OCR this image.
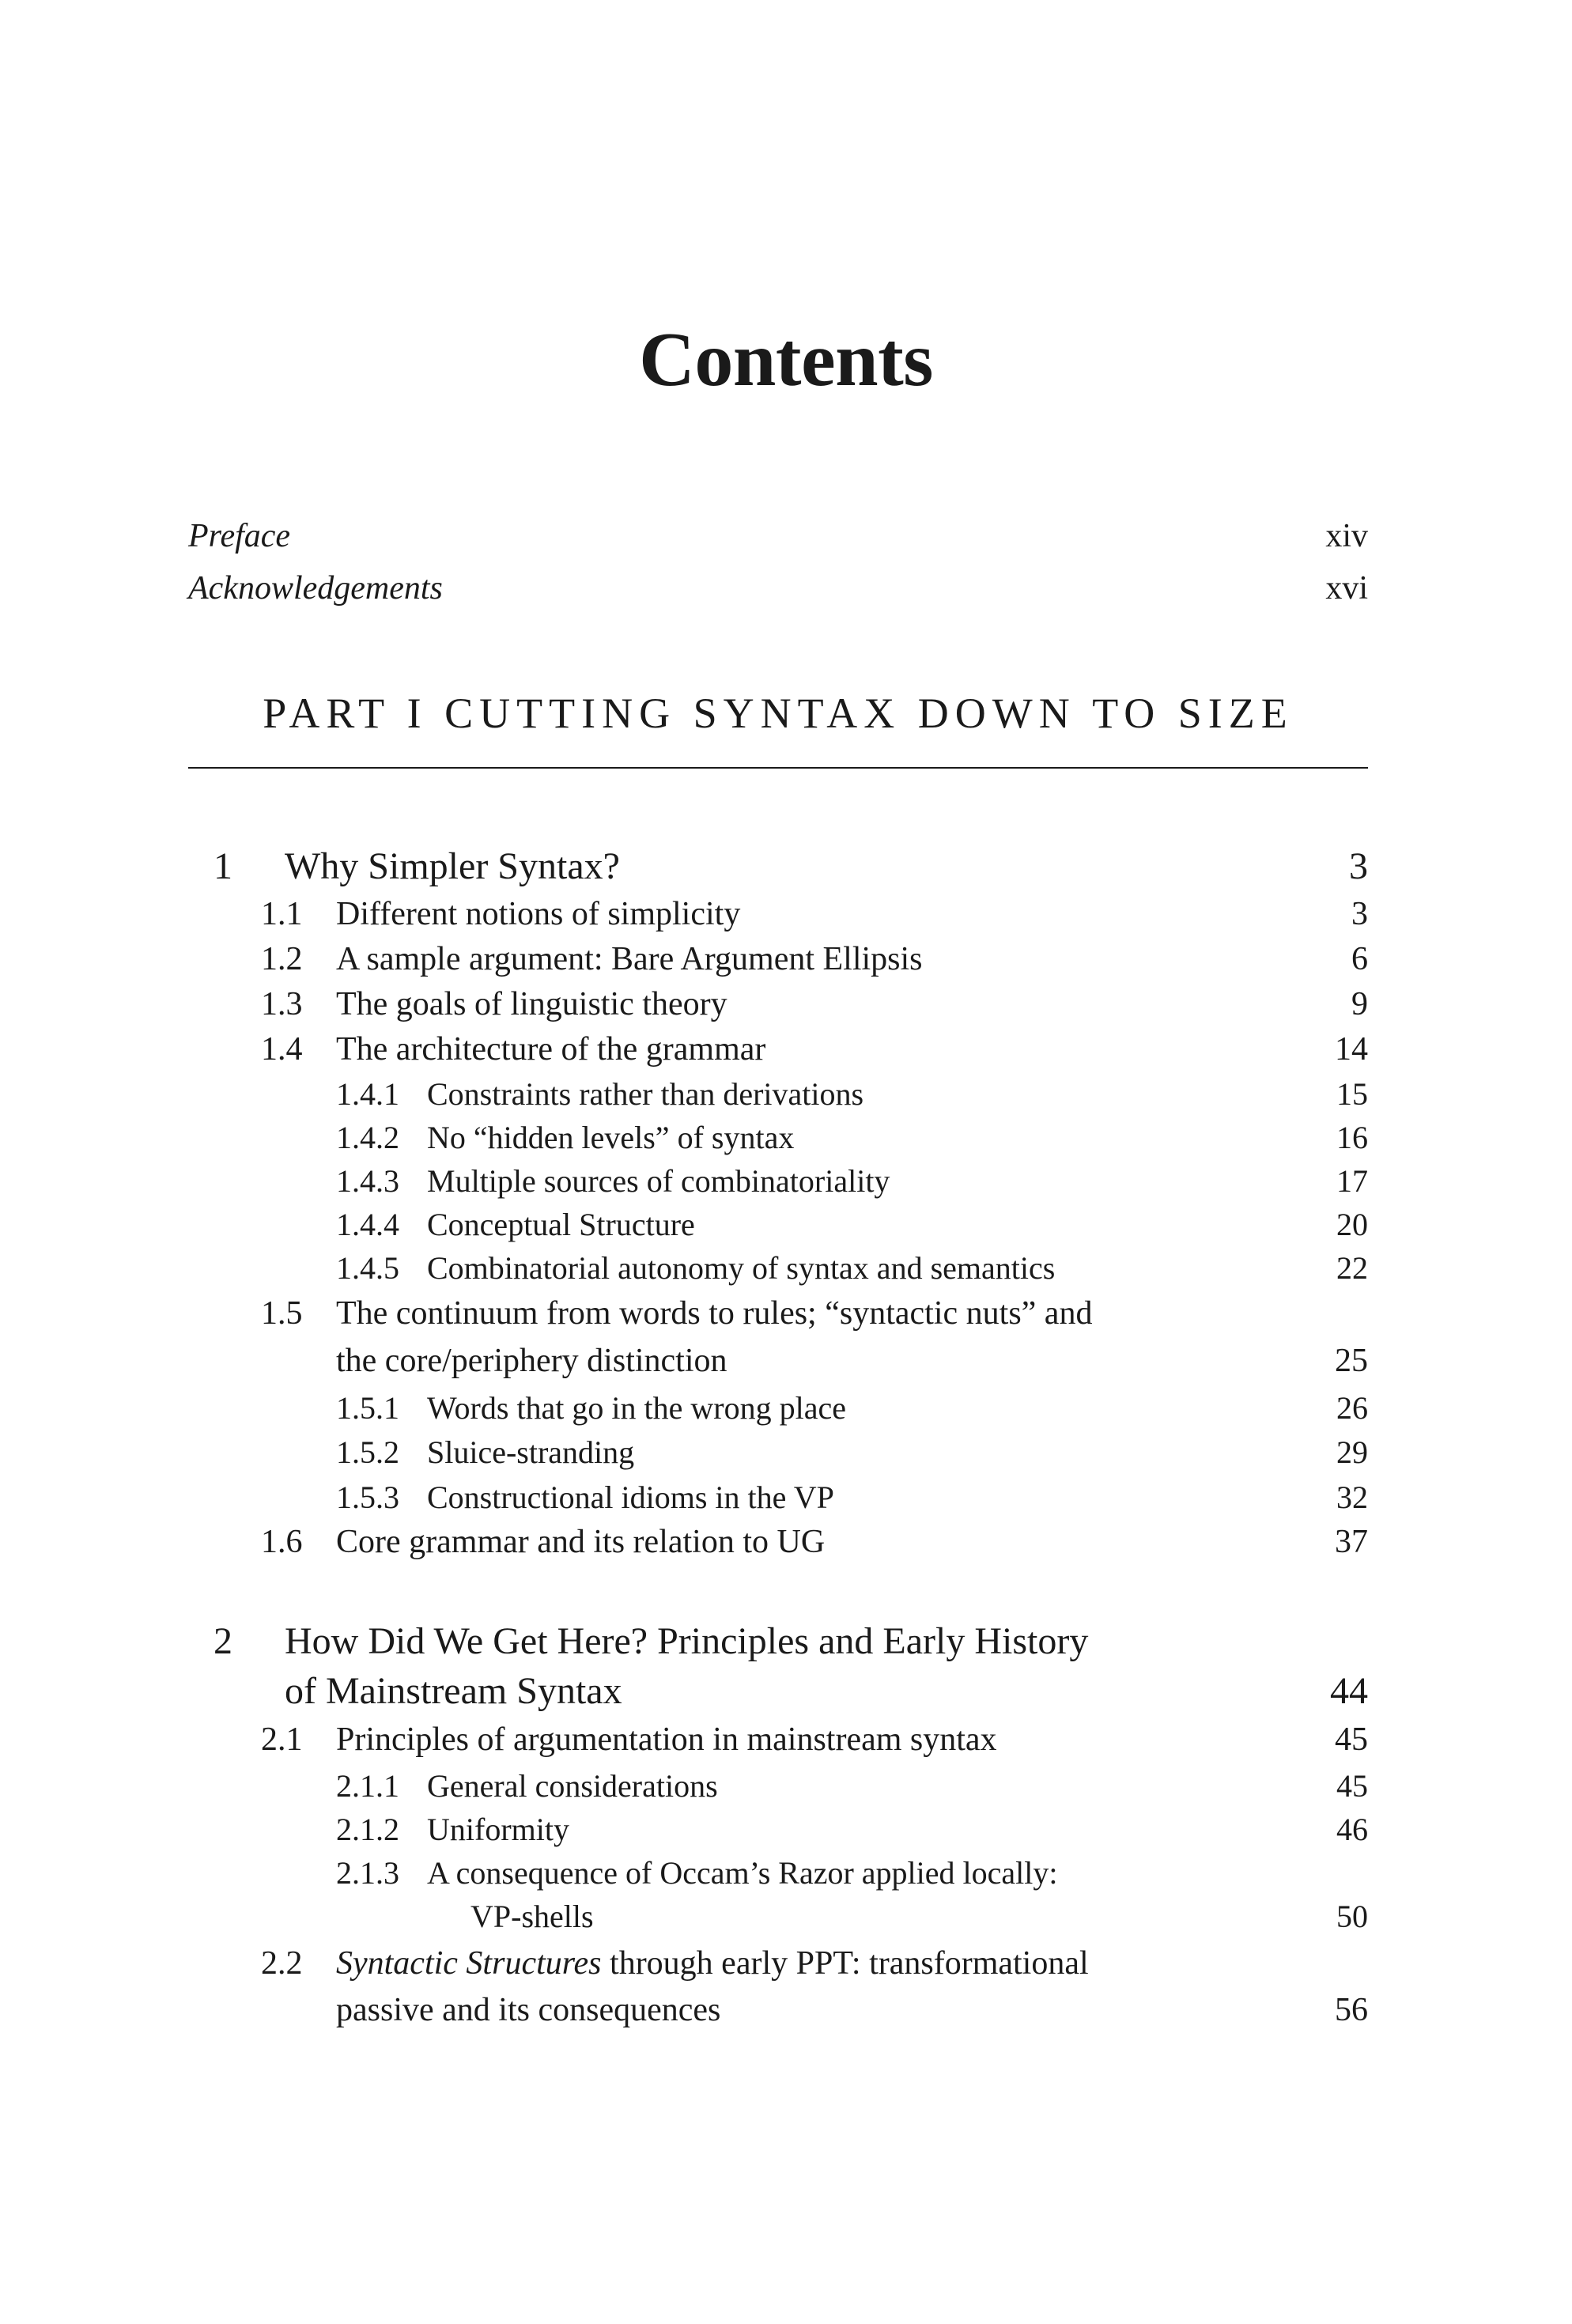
Contents
Preface	xiv
Acknowledgements	xvi
PART I CUTTING SYNTAX DOWN TO SIZE
1	Why Simpler Syntax?	3
1.1	Different notions of simplicity	3
1.2	A sample argument: Bare Argument Ellipsis	6
1.3	The goals of linguistic theory	9
1.4	The architecture of the grammar	14
1.4.1 Constraints rather than derivations	15
1.4.2 No “hidden levels” of syntax	16
1.4.3 Multiple sources of combinatoriality	17
1.4.4 Conceptual Structure	20
1.4.5 Combinatorial autonomy of syntax and semantics	22
1.5	The continuum from words to rules; “syntactic nuts” and
the core/periphery distinction	25
1.5.1 Words that go in the wrong place	26
1.5.2 Sluice-stranding	29
1.5.3 Constructional idioms in the VP	32
1.6	Core grammar and its relation to UG	37
2	How Did We Get Here? Principles and Early History
of Mainstream Syntax	44
2.1	Principles of argumentation in mainstream syntax	45
2.1.1 General considerations	45
2.1.2 Uniformity	46
2.1.3 A consequence of Occam’s Razor applied locally:
VP-shells	50
2.2	Syntactic Structures through early PPT: transformational
passive and its consequences	56
